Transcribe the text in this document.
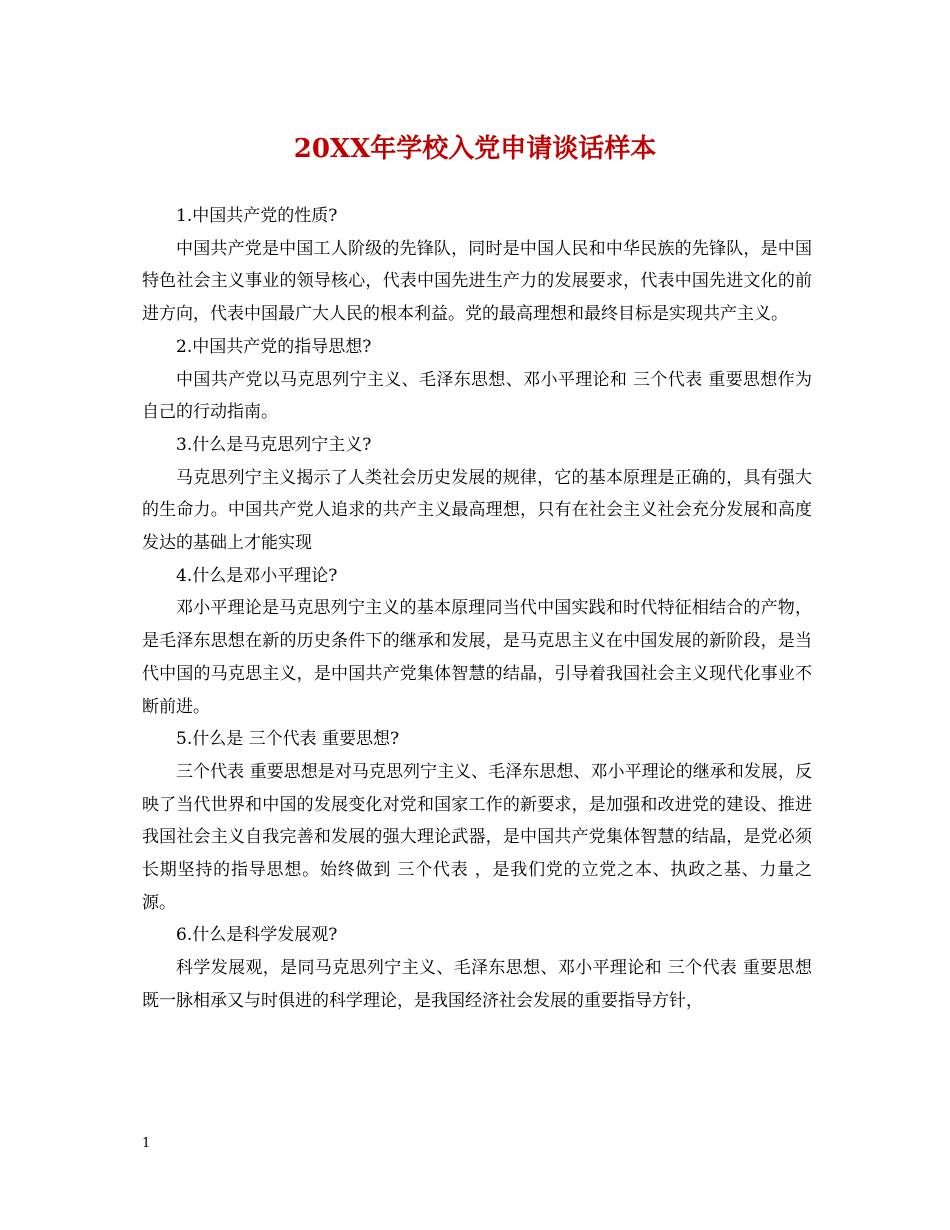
20XX年学校入党申请谈话样本

1.中国共产党的性质?

中国共产党是中国工人阶级的先锋队，同时是中国人民和中华民族的先锋队，是中国特色社会主义事业的领导核心，代表中国先进生产力的发展要求，代表中国先进文化的前进方向，代表中国最广大人民的根本利益。党的最高理想和最终目标是实现共产主义。

2.中国共产党的指导思想?

中国共产党以马克思列宁主义、毛泽东思想、邓小平理论和 三个代表 重要思想作为自己的行动指南。

3.什么是马克思列宁主义?

马克思列宁主义揭示了人类社会历史发展的规律，它的基本原理是正确的，具有强大的生命力。中国共产党人追求的共产主义最高理想，只有在社会主义社会充分发展和高度发达的基础上才能实现

4.什么是邓小平理论?

邓小平理论是马克思列宁主义的基本原理同当代中国实践和时代特征相结合的产物，是毛泽东思想在新的历史条件下的继承和发展，是马克思主义在中国发展的新阶段，是当代中国的马克思主义，是中国共产党集体智慧的结晶，引导着我国社会主义现代化事业不断前进。

5.什么是 三个代表 重要思想?

三个代表 重要思想是对马克思列宁主义、毛泽东思想、邓小平理论的继承和发展，反映了当代世界和中国的发展变化对党和国家工作的新要求，是加强和改进党的建设、推进我国社会主义自我完善和发展的强大理论武器，是中国共产党集体智慧的结晶，是党必须长期坚持的指导思想。始终做到 三个代表 ，是我们党的立党之本、执政之基、力量之源。

6.什么是科学发展观?

科学发展观，是同马克思列宁主义、毛泽东思想、邓小平理论和 三个代表 重要思想既一脉相承又与时俱进的科学理论，是我国经济社会发展的重要指导方针，

1
